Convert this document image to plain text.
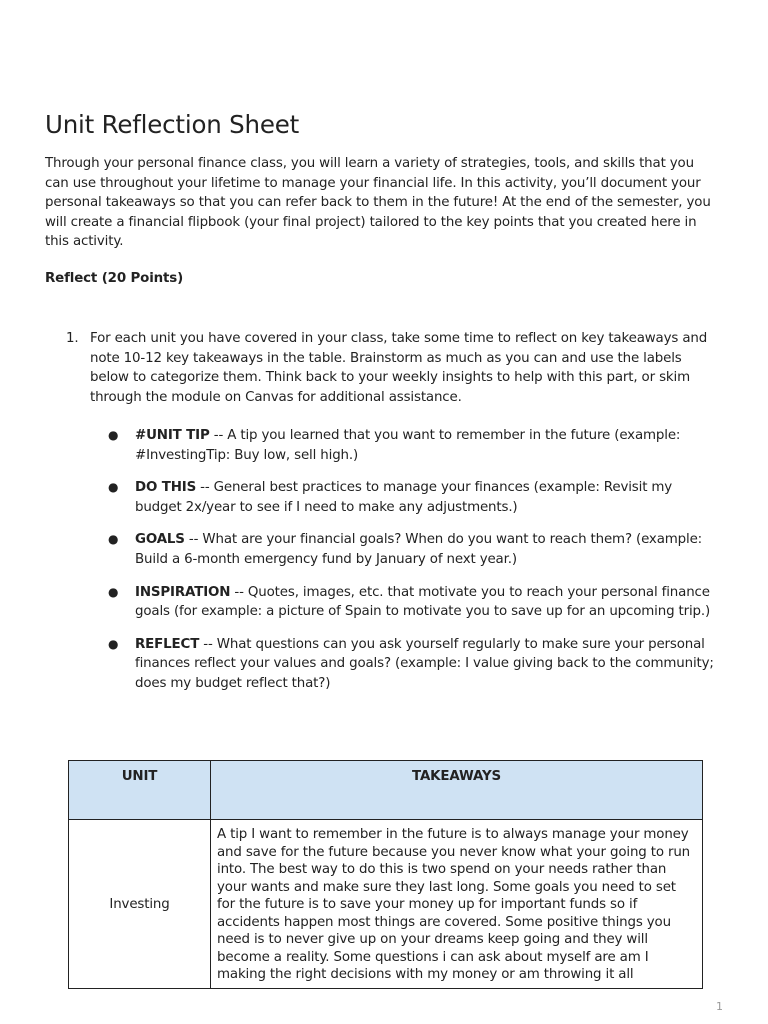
Unit Reflection Sheet

Through your personal finance class, you will learn a variety of strategies, tools, and skills that you can use throughout your lifetime to manage your financial life. In this activity, you’ll document your personal takeaways so that you can refer back to them in the future! At the end of the semester, you will create a financial flipbook (your final project) tailored to the key points that you created here in this activity.

Reflect (20 Points)

1. For each unit you have covered in your class, take some time to reflect on key takeaways and note 10-12 key takeaways in the table. Brainstorm as much as you can and use the labels below to categorize them. Think back to your weekly insights to help with this part, or skim through the module on Canvas for additional assistance.
● #UNIT TIP -- A tip you learned that you want to remember in the future (example: #InvestingTip: Buy low, sell high.)
● DO THIS -- General best practices to manage your finances (example: Revisit my budget 2x/year to see if I need to make any adjustments.)
● GOALS -- What are your financial goals? When do you want to reach them? (example: Build a 6-month emergency fund by January of next year.)
● INSPIRATION -- Quotes, images, etc. that motivate you to reach your personal finance goals (for example: a picture of Spain to motivate you to save up for an upcoming trip.)
● REFLECT -- What questions can you ask yourself regularly to make sure your personal finances reflect your values and goals? (example: I value giving back to the community; does my budget reflect that?)
UNIT	TAKEAWAYS
Investing	A tip I want to remember in the future is to always manage your money and save for the future because you never know what your going to run into. The best way to do this is two spend on your needs rather than your wants and make sure they last long. Some goals you need to set for the future is to save your money up for important funds so if accidents happen most things are covered. Some positive things you need is to never give up on your dreams keep going and they will become a reality. Some questions i can ask about myself are am I making the right decisions with my money or am throwing it all
1
